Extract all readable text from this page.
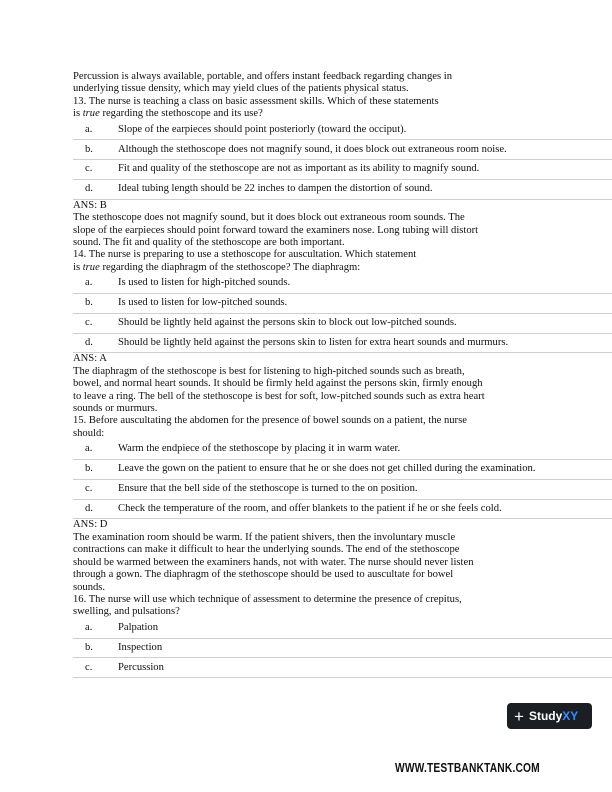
Percussion is always available, portable, and offers instant feedback regarding changes in

underlying tissue density, which may yield clues of the patients physical status.

13. The nurse is teaching a class on basic assessment skills. Which of these statements

is true regarding the stethoscope and its use?

a.	Slope of the earpieces should point posteriorly (toward the occiput).
b.	Although the stethoscope does not magnify sound, it does block out extraneous room noise.
c.	Fit and quality of the stethoscope are not as important as its ability to magnify sound.
d.	Ideal tubing length should be 22 inches to dampen the distortion of sound.

ANS: B

The stethoscope does not magnify sound, but it does block out extraneous room sounds. The

slope of the earpieces should point forward toward the examiners nose. Long tubing will distort

sound. The fit and quality of the stethoscope are both important.

14. The nurse is preparing to use a stethoscope for auscultation. Which statement

is true regarding the diaphragm of the stethoscope? The diaphragm:

a.	Is used to listen for high-pitched sounds.
b.	Is used to listen for low-pitched sounds.
c.	Should be lightly held against the persons skin to block out low-pitched sounds.
d.	Should be lightly held against the persons skin to listen for extra heart sounds and murmurs.

ANS: A

The diaphragm of the stethoscope is best for listening to high-pitched sounds such as breath,

bowel, and normal heart sounds. It should be firmly held against the persons skin, firmly enough

to leave a ring. The bell of the stethoscope is best for soft, low-pitched sounds such as extra heart

sounds or murmurs.

15. Before auscultating the abdomen for the presence of bowel sounds on a patient, the nurse

should:

a.	Warm the endpiece of the stethoscope by placing it in warm water.
b.	Leave the gown on the patient to ensure that he or she does not get chilled during the examination.
c.	Ensure that the bell side of the stethoscope is turned to the on position.
d.	Check the temperature of the room, and offer blankets to the patient if he or she feels cold.

ANS: D

The examination room should be warm. If the patient shivers, then the involuntary muscle

contractions can make it difficult to hear the underlying sounds. The end of the stethoscope

should be warmed between the examiners hands, not with water. The nurse should never listen

through a gown. The diaphragm of the stethoscope should be used to auscultate for bowel

sounds.

16. The nurse will use which technique of assessment to determine the presence of crepitus,

swelling, and pulsations?

a.	Palpation
b.	Inspection
c.	Percussion
+ StudyXY
WWW.TESTBANKTANK.COM
